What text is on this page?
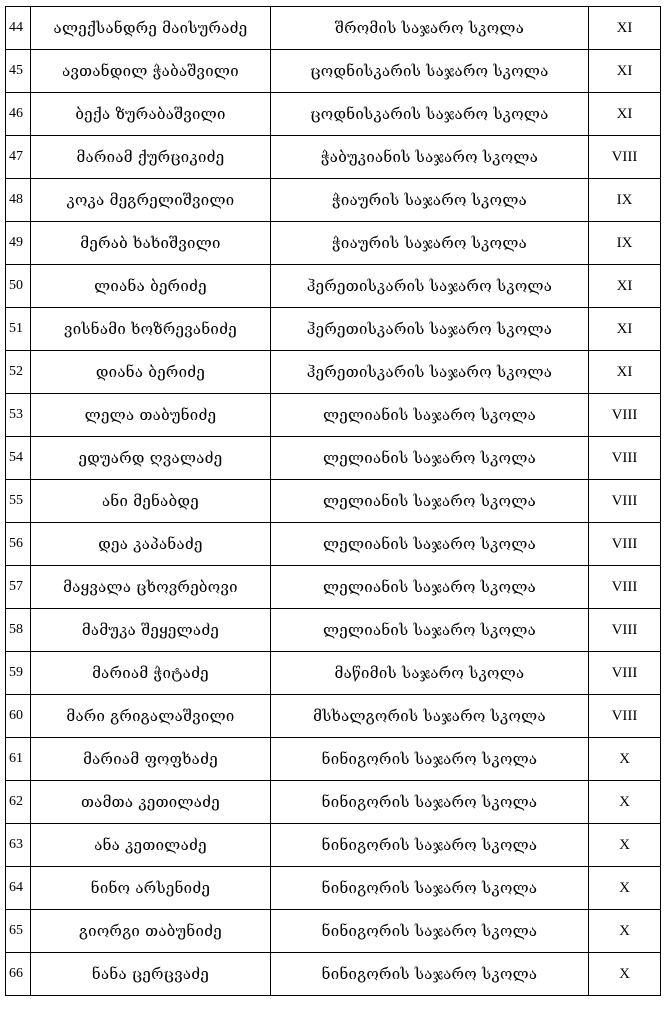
44	ალექსანდრე მაისურაძე	შრომის საჯარო სკოლა	XI
45	ავთანდილ ჭაბაშვილი	ცოდნისკარის საჯარო სკოლა	XI
46	ბექა ზურაბაშვილი	ცოდნისკარის საჯარო სკოლა	XI
47	მარიამ ქურციკიძე	ჭაბუკიანის საჯარო სკოლა	VIII
48	კოკა მეგრელიშვილი	ჭიაურის საჯარო სკოლა	IX
49	მერაბ ხახიშვილი	ჭიაურის საჯარო სკოლა	IX
50	ლიანა ბერიძე	ჰერეთისკარის საჯარო სკოლა	XI
51	ვისნამი ხოზრევანიძე	ჰერეთისკარის საჯარო სკოლა	XI
52	დიანა ბერიძე	ჰერეთისკარის საჯარო სკოლა	XI
53	ლელა თაბუნიძე	ლელიანის საჯარო სკოლა	VIII
54	ედუარდ ღვალაძე	ლელიანის საჯარო სკოლა	VIII
55	ანი მენაბდე	ლელიანის საჯარო სკოლა	VIII
56	დეა კაპანაძე	ლელიანის საჯარო სკოლა	VIII
57	მაყვალა ცხოვრებოვი	ლელიანის საჯარო სკოლა	VIII
58	მამუკა შეყელაძე	ლელიანის საჯარო სკოლა	VIII
59	მარიამ ჭიტაძე	მაწიმის საჯარო სკოლა	VIII
60	მარი გრიგალაშვილი	მსხალგორის საჯარო სკოლა	VIII
61	მარიამ ფოფხაძე	ნინიგორის საჯარო სკოლა	X
62	თამთა კეთილაძე	ნინიგორის საჯარო სკოლა	X
63	ანა კეთილაძე	ნინიგორის საჯარო სკოლა	X
64	ნინო არსენიძე	ნინიგორის საჯარო სკოლა	X
65	გიორგი თაბუნიძე	ნინიგორის საჯარო სკოლა	X
66	ნანა ცერცვაძე	ნინიგორის საჯარო სკოლა	X
